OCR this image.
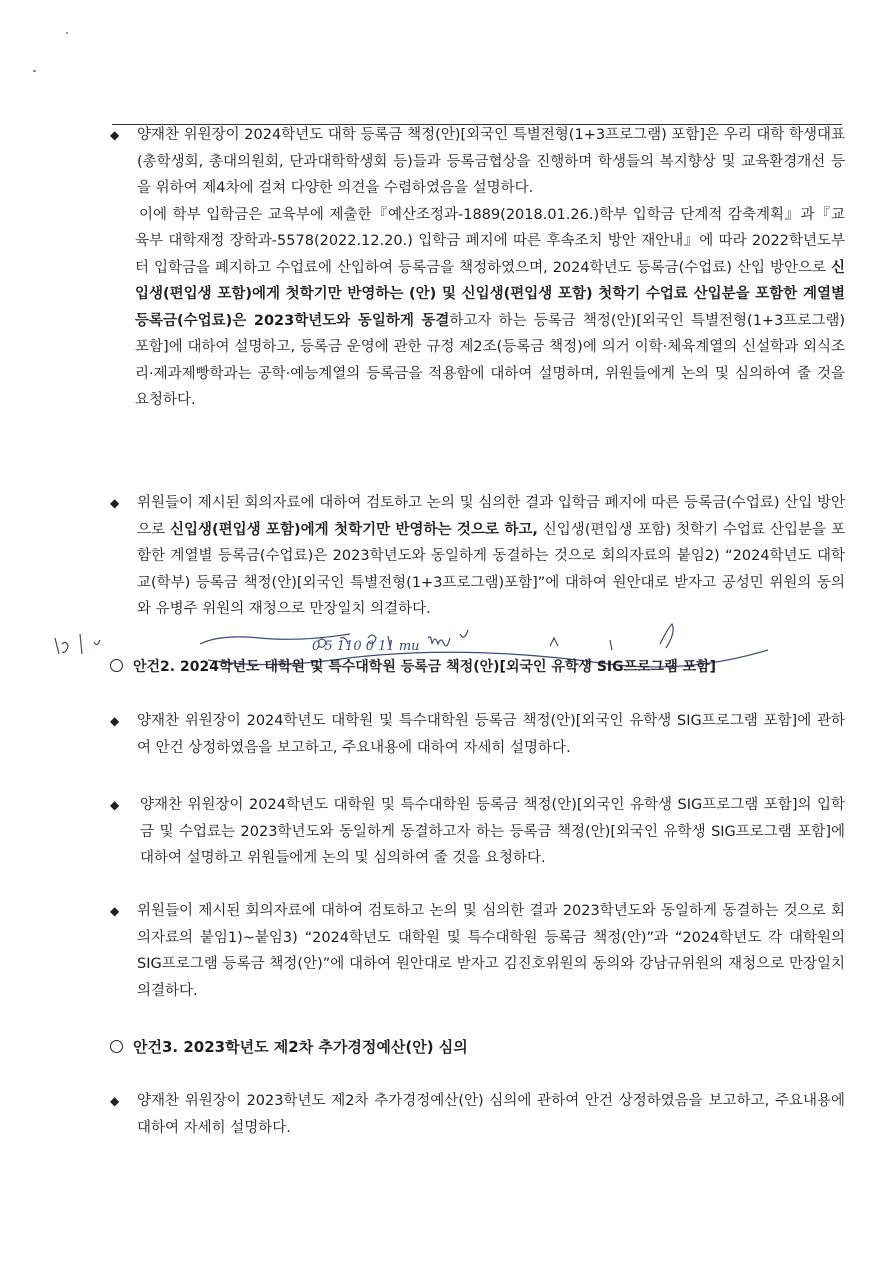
◆ 양재찬 위원장이 2024학년도 대학 등록금 책정(안)[외국인 특별전형(1+3프로그램) 포함]은 우리 대학 학생대표(총학생회, 총대의원회, 단과대학학생회 등)들과 등록금협상을 진행하며 학생들의 복지향상 및 교육환경개선 등을 위하여 제4차에 걸쳐 다양한 의견을 수렴하였음을 설명하다.
이에 학부 입학금은 교육부에 제출한『예산조정과-1889(2018.01.26.)학부 입학금 단계적 감축계획』과『교육부 대학재정 장학과-5578(2022.12.20.) 입학금 폐지에 따른 후속조치 방안 재안내』에 따라 2022학년도부터 입학금을 폐지하고 수업료에 산입하여 등록금을 책정하였으며, 2024학년도 등록금(수업료) 산입 방안으로 신입생(편입생 포함)에게 첫학기만 반영하는 (안) 및 신입생(편입생 포함) 첫학기 수업료 산입분을 포함한 계열별 등록금(수업료)은 2023학년도와 동일하게 동결하고자 하는 등록금 책정(안)[외국인 특별전형(1+3프로그램) 포함]에 대하여 설명하고, 등록금 운영에 관한 규정 제2조(등록금 책정)에 의거 이학·체육계열의 신설학과 외식조리·제과제빵학과는 공학·예능계열의 등록금을 적용함에 대하여 설명하며, 위원들에게 논의 및 심의하여 줄 것을 요청하다.
◆ 위원들이 제시된 회의자료에 대하여 검토하고 논의 및 심의한 결과 입학금 폐지에 따른 등록금(수업료) 산입 방안으로 신입생(편입생 포함)에게 첫학기만 반영하는 것으로 하고, 신입생(편입생 포함) 첫학기 수업료 산입분을 포함한 계열별 등록금(수업료)은 2023학년도와 동일하게 동결하는 것으로 회의자료의 붙임2) “2024학년도 대학교(학부) 등록금 책정(안)[외국인 특별전형(1+3프로그램)포함]”에 대하여 원안대로 받자고 공성민 위원의 동의와 유병주 위원의 재청으로 만장일치 의결하다.
0 5 110 0 11 mu
안건2. 2024학년도 대학원 및 특수대학원 등록금 책정(안)[외국인 유학생 SIG프로그램 포함]
◆ 양재찬 위원장이 2024학년도 대학원 및 특수대학원 등록금 책정(안)[외국인 유학생 SIG프로그램 포함]에 관하여 안건 상정하였음을 보고하고, 주요내용에 대하여 자세히 설명하다.
◆ 양재찬 위원장이 2024학년도 대학원 및 특수대학원 등록금 책정(안)[외국인 유학생 SIG프로그램 포함]의 입학금 및 수업료는 2023학년도와 동일하게 동결하고자 하는 등록금 책정(안)[외국인 유학생 SIG프로그램 포함]에 대하여 설명하고 위원들에게 논의 및 심의하여 줄 것을 요청하다.
◆ 위원들이 제시된 회의자료에 대하여 검토하고 논의 및 심의한 결과 2023학년도와 동일하게 동결하는 것으로 회의자료의 붙임1)~붙임3) “2024학년도 대학원 및 특수대학원 등록금 책정(안)”과 “2024학년도 각 대학원의 SIG프로그램 등록금 책정(안)”에 대하여 원안대로 받자고 김진호위원의 동의와 강남규위원의 재청으로 만장일치 의결하다.
안건3. 2023학년도 제2차 추가경정예산(안) 심의
◆ 양재찬 위원장이 2023학년도 제2차 추가경정예산(안) 심의에 관하여 안건 상정하였음을 보고하고, 주요내용에 대하여 자세히 설명하다.
